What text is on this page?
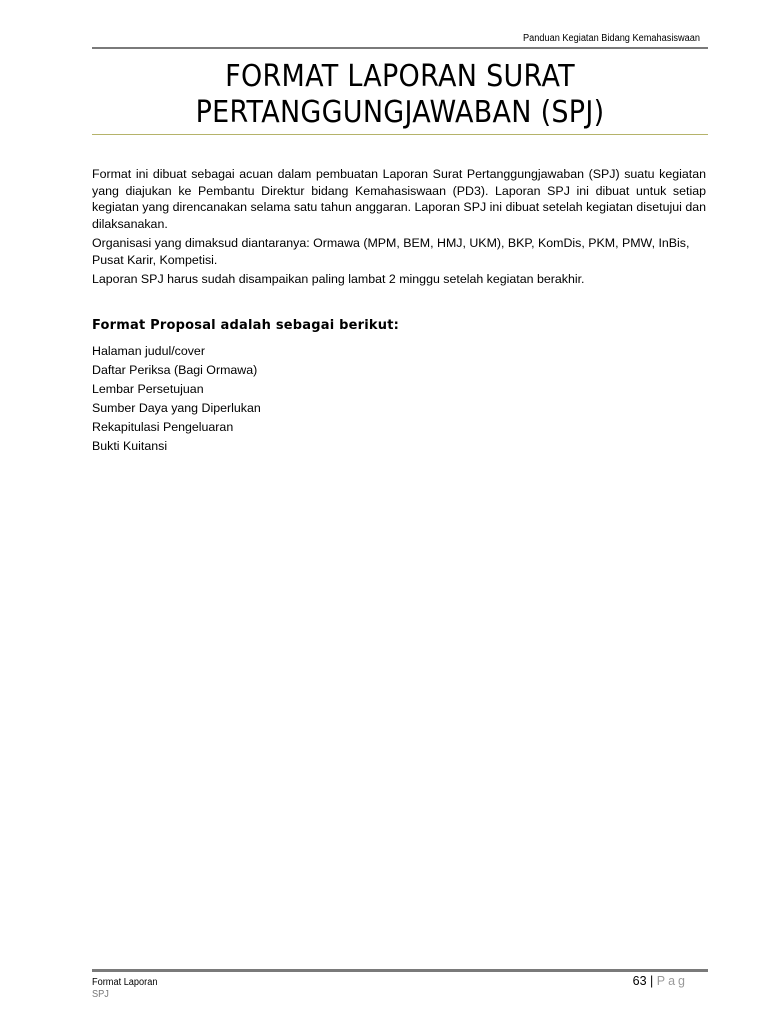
Panduan Kegiatan Bidang Kemahasiswaan
FORMAT LAPORAN SURAT
PERTANGGUNGJAWABAN (SPJ)

Format ini dibuat sebagai acuan dalam pembuatan Laporan Surat Pertanggungjawaban (SPJ) suatu kegiatan yang diajukan ke Pembantu Direktur bidang Kemahasiswaan (PD3). Laporan SPJ ini dibuat untuk setiap kegiatan yang direncanakan selama satu tahun anggaran. Laporan SPJ ini dibuat setelah kegiatan disetujui dan dilaksanakan.

Organisasi yang dimaksud diantaranya: Ormawa (MPM, BEM, HMJ, UKM), BKP, KomDis, PKM, PMW, InBis, Pusat Karir, Kompetisi.

Laporan SPJ harus sudah disampaikan paling lambat 2 minggu setelah kegiatan berakhir.

Format Proposal adalah sebagai berikut:
Halaman judul/cover
Daftar Periksa (Bagi Ormawa)
Lembar Persetujuan
Sumber Daya yang Diperlukan
Rekapitulasi Pengeluaran
Bukti Kuitansi
Format Laporan
SPJ
63 | Pag
